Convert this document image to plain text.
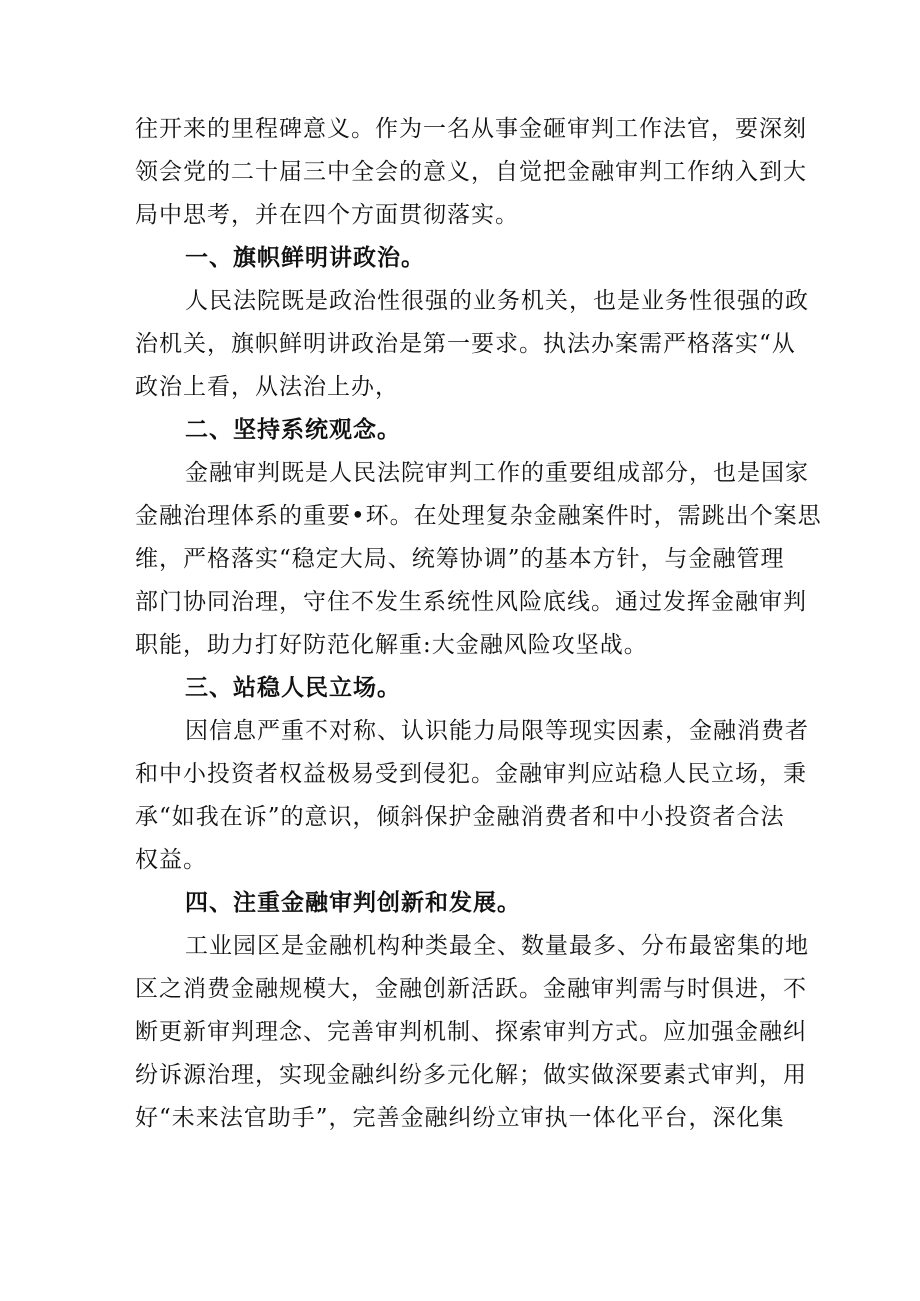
往开来的里程碑意义。作为一名从事金砸审判工作法官，要深刻
领会党的二十届三中全会的意义，自觉把金融审判工作纳入到大
局中思考，并在四个方面贯彻落实。
一、旗帜鲜明讲政治。
人民法院既是政治性很强的业务机关，也是业务性很强的政
治机关，旗帜鲜明讲政治是第一要求。执法办案需严格落实“从
政治上看，从法治上办，
二、坚持系统观念。
金融审判既是人民法院审判工作的重要组成部分，也是国家
金融治理体系的重要•环。在处理复杂金融案件时，需跳出个案思
维，严格落实“稳定大局、统筹协调”的基本方针，与金融管理
部门协同治理，守住不发生系统性风险底线。通过发挥金融审判
职能，助力打好防范化解重:大金融风险攻坚战。
三、站稳人民立场。
因信息严重不对称、认识能力局限等现实因素，金融消费者
和中小投资者权益极易受到侵犯。金融审判应站稳人民立场，秉
承“如我在诉”的意识，倾斜保护金融消费者和中小投资者合法
权益。
四、注重金融审判创新和发展。
工业园区是金融机构种类最全、数量最多、分布最密集的地
区之消费金融规模大，金融创新活跃。金融审判需与时俱进，不
断更新审判理念、完善审判机制、探索审判方式。应加强金融纠
纷诉源治理，实现金融纠纷多元化解；做实做深要素式审判，用
好“未来法官助手”，完善金融纠纷立审执一体化平台，深化集
